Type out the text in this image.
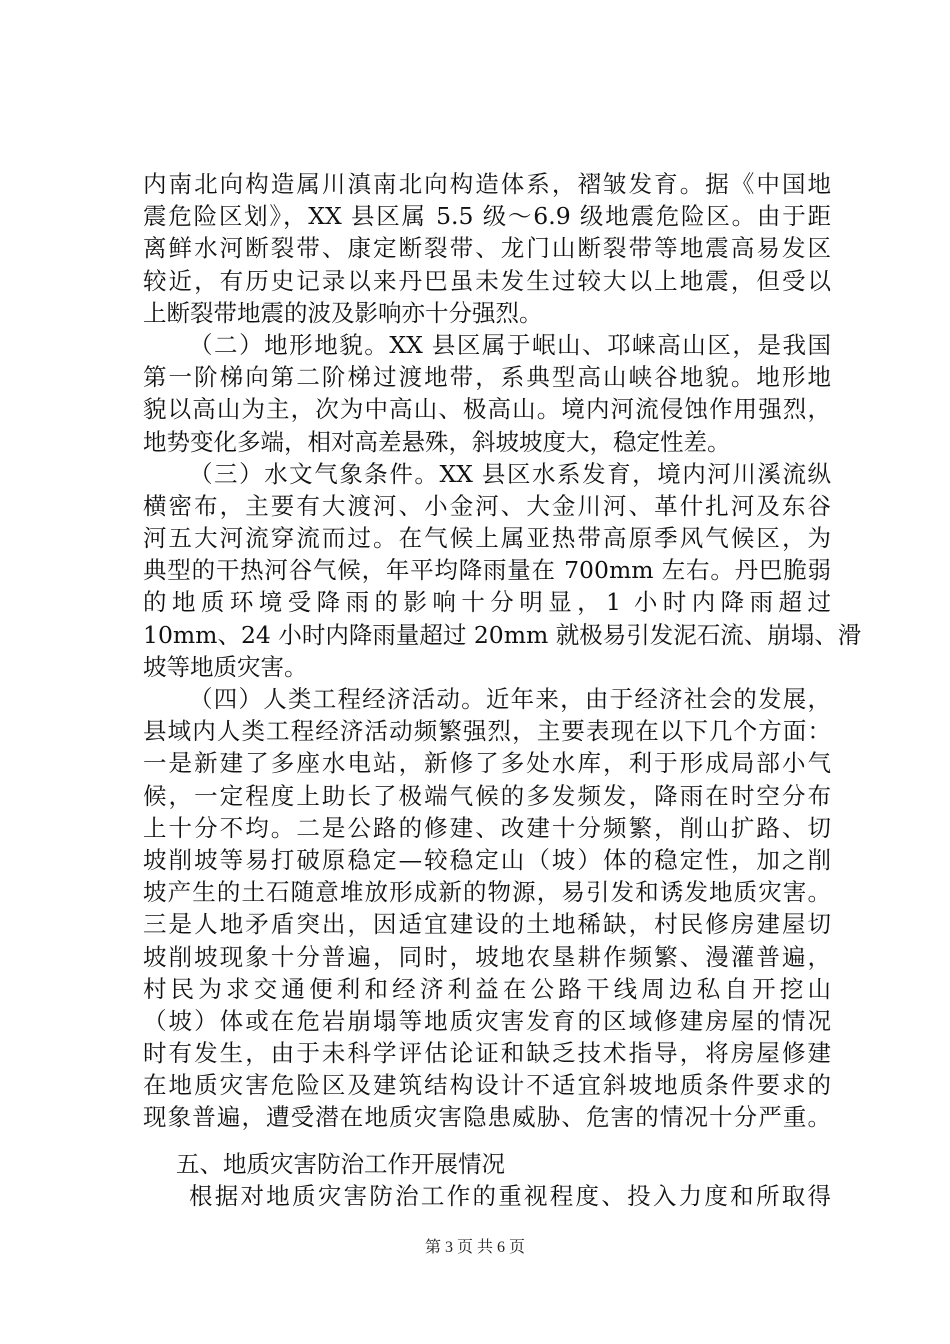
内南北向构造属川滇南北向构造体系，褶皱发育。据《中国地
震危险区划》，XX 县区属 5.5 级～6.9 级地震危险区。由于距
离鲜水河断裂带、康定断裂带、龙门山断裂带等地震高易发区
较近，有历史记录以来丹巴虽未发生过较大以上地震，但受以
上断裂带地震的波及影响亦十分强烈。
（二）地形地貌。XX 县区属于岷山、邛崃高山区，是我国
第一阶梯向第二阶梯过渡地带，系典型高山峡谷地貌。地形地
貌以高山为主，次为中高山、极高山。境内河流侵蚀作用强烈，
地势变化多端，相对高差悬殊，斜坡坡度大，稳定性差。
（三）水文气象条件。XX 县区水系发育，境内河川溪流纵
横密布，主要有大渡河、小金河、大金川河、革什扎河及东谷
河五大河流穿流而过。在气候上属亚热带高原季风气候区，为
典型的干热河谷气候，年平均降雨量在 700mm 左右。丹巴脆弱
的地质环境受降雨的影响十分明显，1 小时内降雨超过
10mm、24 小时内降雨量超过 20mm 就极易引发泥石流、崩塌、滑
坡等地质灾害。
（四）人类工程经济活动。近年来，由于经济社会的发展，
县域内人类工程经济活动频繁强烈，主要表现在以下几个方面：
一是新建了多座水电站，新修了多处水库，利于形成局部小气
候，一定程度上助长了极端气候的多发频发，降雨在时空分布
上十分不均。二是公路的修建、改建十分频繁，削山扩路、切
坡削坡等易打破原稳定—较稳定山（坡）体的稳定性，加之削
坡产生的土石随意堆放形成新的物源，易引发和诱发地质灾害。
三是人地矛盾突出，因适宜建设的土地稀缺，村民修房建屋切
坡削坡现象十分普遍，同时，坡地农垦耕作频繁、漫灌普遍，
村民为求交通便利和经济利益在公路干线周边私自开挖山
（坡）体或在危岩崩塌等地质灾害发育的区域修建房屋的情况
时有发生，由于未科学评估论证和缺乏技术指导，将房屋修建
在地质灾害危险区及建筑结构设计不适宜斜坡地质条件要求的
现象普遍，遭受潜在地质灾害隐患威胁、危害的情况十分严重。
五、地质灾害防治工作开展情况
根据对地质灾害防治工作的重视程度、投入力度和所取得
第 3 页 共 6 页
